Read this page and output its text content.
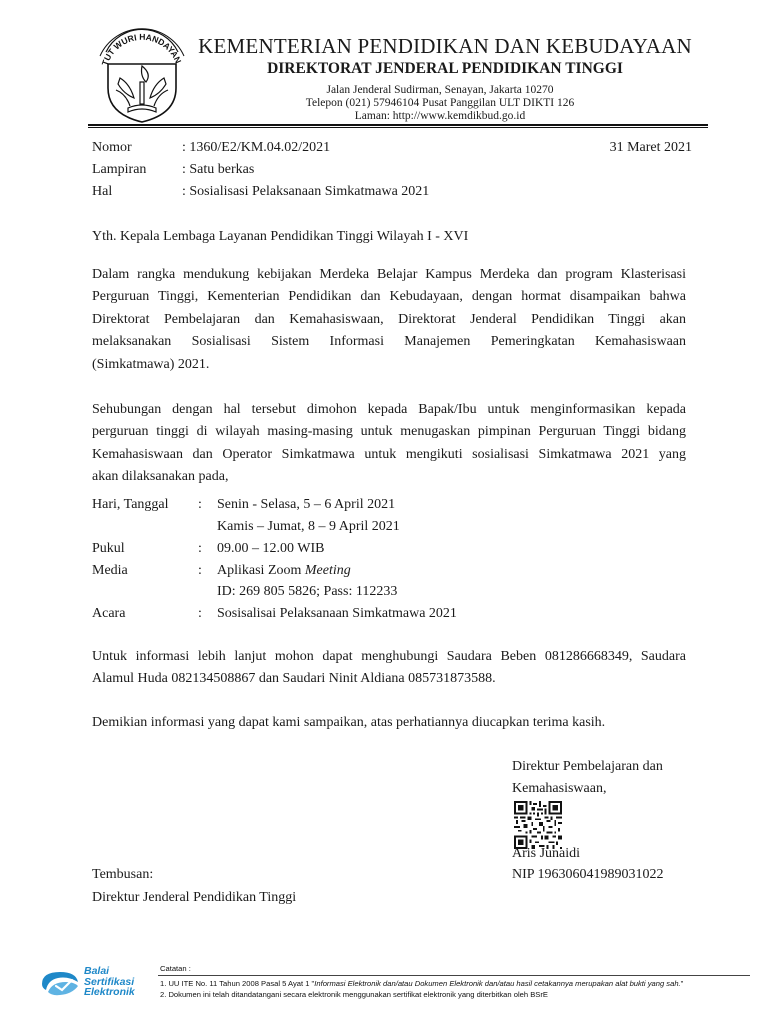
TUT WURI HANDAYAN
KEMENTERIAN PENDIDIKAN DAN KEBUDAYAAN
DIREKTORAT JENDERAL PENDIDIKAN TINGGI
Jalan Jenderal Sudirman, Senayan, Jakarta 10270
Telepon (021) 57946104 Pusat Panggilan ULT DIKTI 126
Laman: http://www.kemdikbud.go.id
Nomor	: 1360/E2/KM.04.02/2021	31 Maret 2021
Lampiran	: Satu berkas
Hal	: Sosialisasi Pelaksanaan Simkatmawa 2021
Yth. Kepala Lembaga Layanan Pendidikan Tinggi Wilayah I - XVI
Dalam rangka mendukung kebijakan Merdeka Belajar Kampus Merdeka dan program Klasterisasi
Perguruan Tinggi, Kementerian Pendidikan dan Kebudayaan, dengan hormat disampaikan bahwa
Direktorat Pembelajaran dan Kemahasiswaan, Direktorat Jenderal Pendidikan Tinggi akan
melaksanakan Sosialisasi Sistem Informasi Manajemen Pemeringkatan Kemahasiswaan
(Simkatmawa) 2021.
Sehubungan dengan hal tersebut dimohon kepada Bapak/Ibu untuk menginformasikan kepada
perguruan tinggi di wilayah masing-masing untuk menugaskan pimpinan Perguruan Tinggi bidang
Kemahasiswaan dan Operator Simkatmawa untuk mengikuti sosialisasi Simkatmawa 2021 yang
akan dilaksanakan pada,
Hari, Tanggal : Senin - Selasa, 5 – 6 April 2021
Kamis – Jumat, 8 – 9 April 2021
Pukul	: 09.00 – 12.00 WIB
Media	: Aplikasi Zoom Meeting
ID: 269 805 5826; Pass: 112233
Acara	: Sosisalisai Pelaksanaan Simkatmawa 2021
Untuk informasi lebih lanjut mohon dapat menghubungi Saudara Beben 081286668349, Saudara
Alamul Huda 082134508867 dan Saudari Ninit Aldiana 085731873588.
Demikian informasi yang dapat kami sampaikan, atas perhatiannya diucapkan terima kasih.
Direktur Pembelajaran dan
Kemahasiswaan,
Aris Junaidi
NIP 196306041989031022
Tembusan:
Direktur Jenderal Pendidikan Tinggi
Balai
Sertifikasi
Elektronik
Catatan :
1. UU ITE No. 11 Tahun 2008 Pasal 5 Ayat 1 "Informasi Elektronik dan/atau Dokumen Elektronik dan/atau hasil cetakannya merupakan alat bukti yang sah."
2. Dokumen ini telah ditandatangani secara elektronik menggunakan sertifikat elektronik yang diterbitkan oleh BSrE
